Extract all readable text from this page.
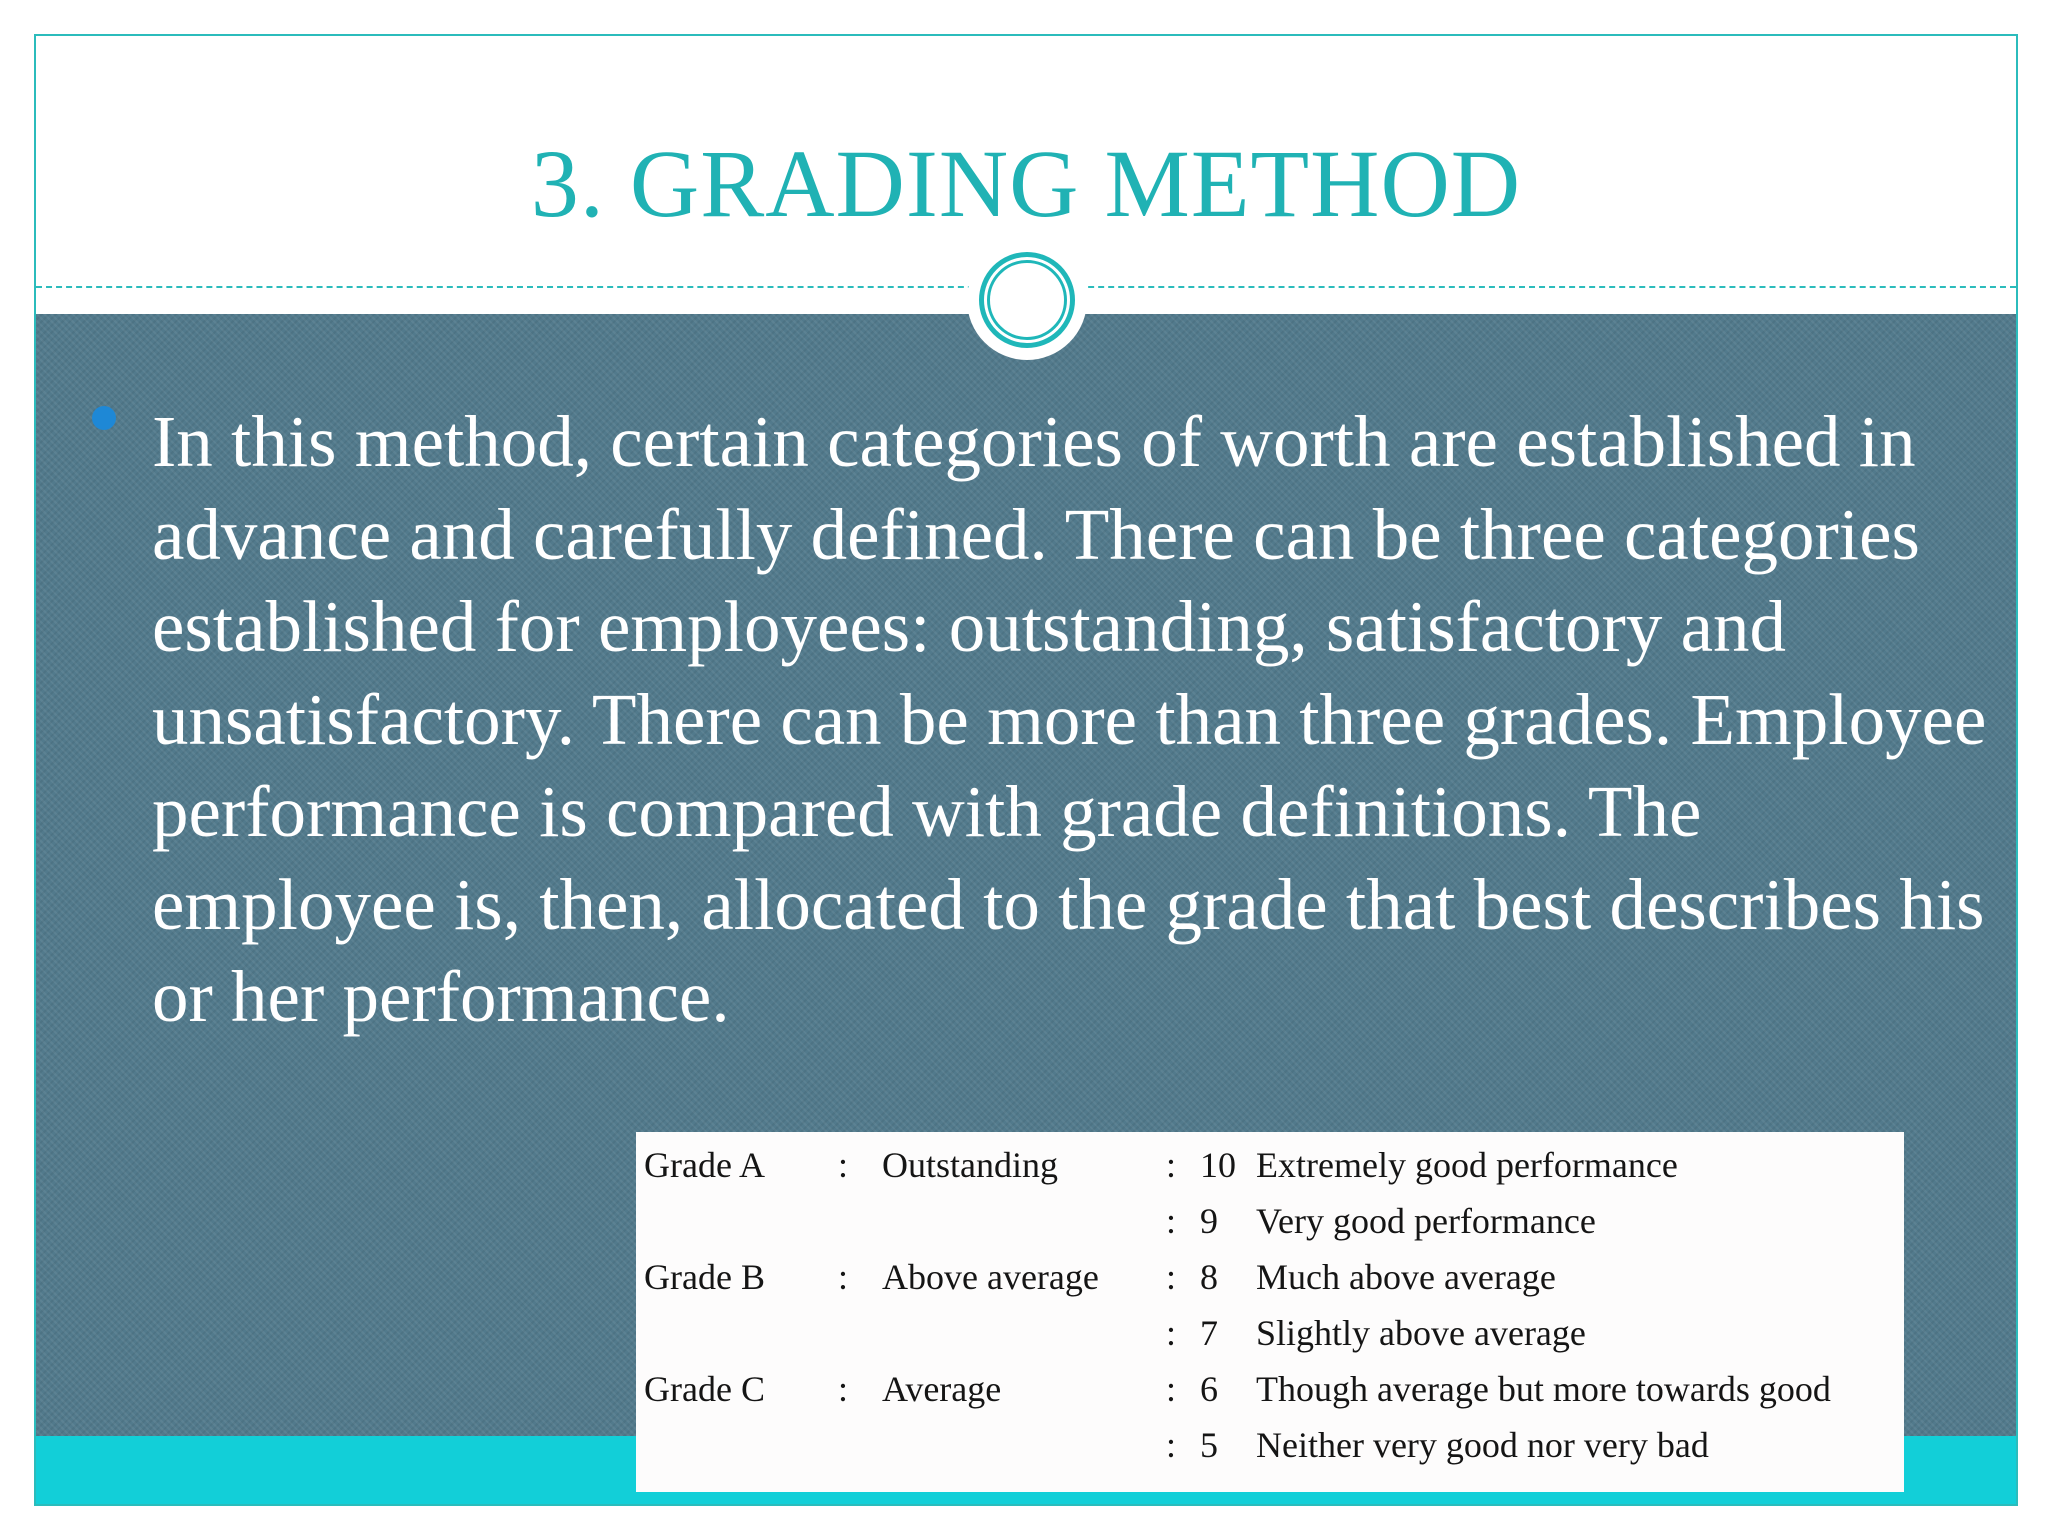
3. GRADING METHOD
In this method, certain categories of worth are established in advance and carefully defined. There can be three categories established for employees: outstanding, satisfactory and unsatisfactory. There can be more than three grades. Employee performance is compared with grade definitions. The employee is, then, allocated to the grade that best describes his or her performance.
Grade A : Outstanding	: 10 Extremely good performance
: 9 Very good performance
Grade B : Above average : 8 Much above average
: 7 Slightly above average
Grade C : Average	: 6 Though average but more towards good
: 5 Neither very good nor very bad
